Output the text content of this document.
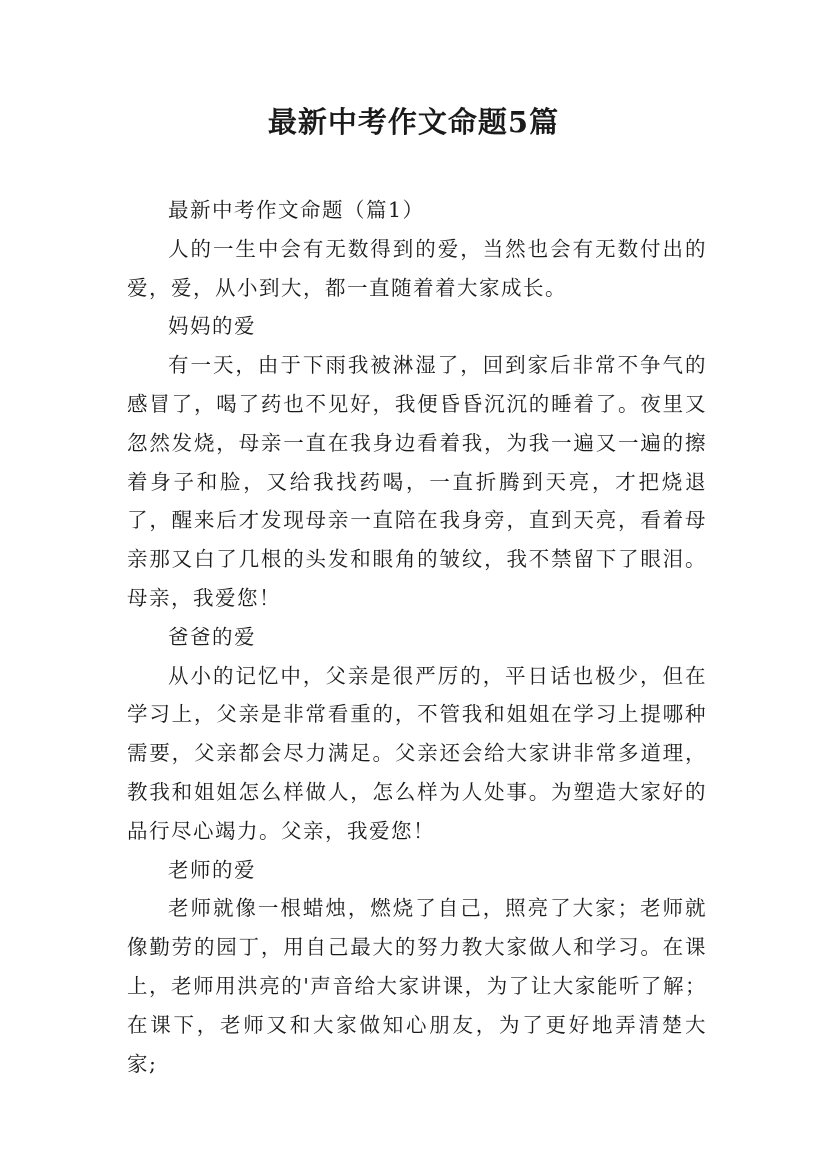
最新中考作文命题5篇

最新中考作文命题（篇1）

人的一生中会有无数得到的爱，当然也会有无数付出的爱，爱，从小到大，都一直随着着大家成长。

妈妈的爱

有一天，由于下雨我被淋湿了，回到家后非常不争气的感冒了，喝了药也不见好，我便昏昏沉沉的睡着了。夜里又忽然发烧，母亲一直在我身边看着我，为我一遍又一遍的擦着身子和脸，又给我找药喝，一直折腾到天亮，才把烧退了，醒来后才发现母亲一直陪在我身旁，直到天亮，看着母亲那又白了几根的头发和眼角的皱纹，我不禁留下了眼泪。母亲，我爱您！

爸爸的爱

从小的记忆中，父亲是很严厉的，平日话也极少，但在学习上，父亲是非常看重的，不管我和姐姐在学习上提哪种需要，父亲都会尽力满足。父亲还会给大家讲非常多道理，教我和姐姐怎么样做人，怎么样为人处事。为塑造大家好的品行尽心竭力。父亲，我爱您！

老师的爱

老师就像一根蜡烛，燃烧了自己，照亮了大家；老师就像勤劳的园丁，用自己最大的努力教大家做人和学习。在课上，老师用洪亮的'声音给大家讲课，为了让大家能听了解；在课下，老师又和大家做知心朋友，为了更好地弄清楚大家;
